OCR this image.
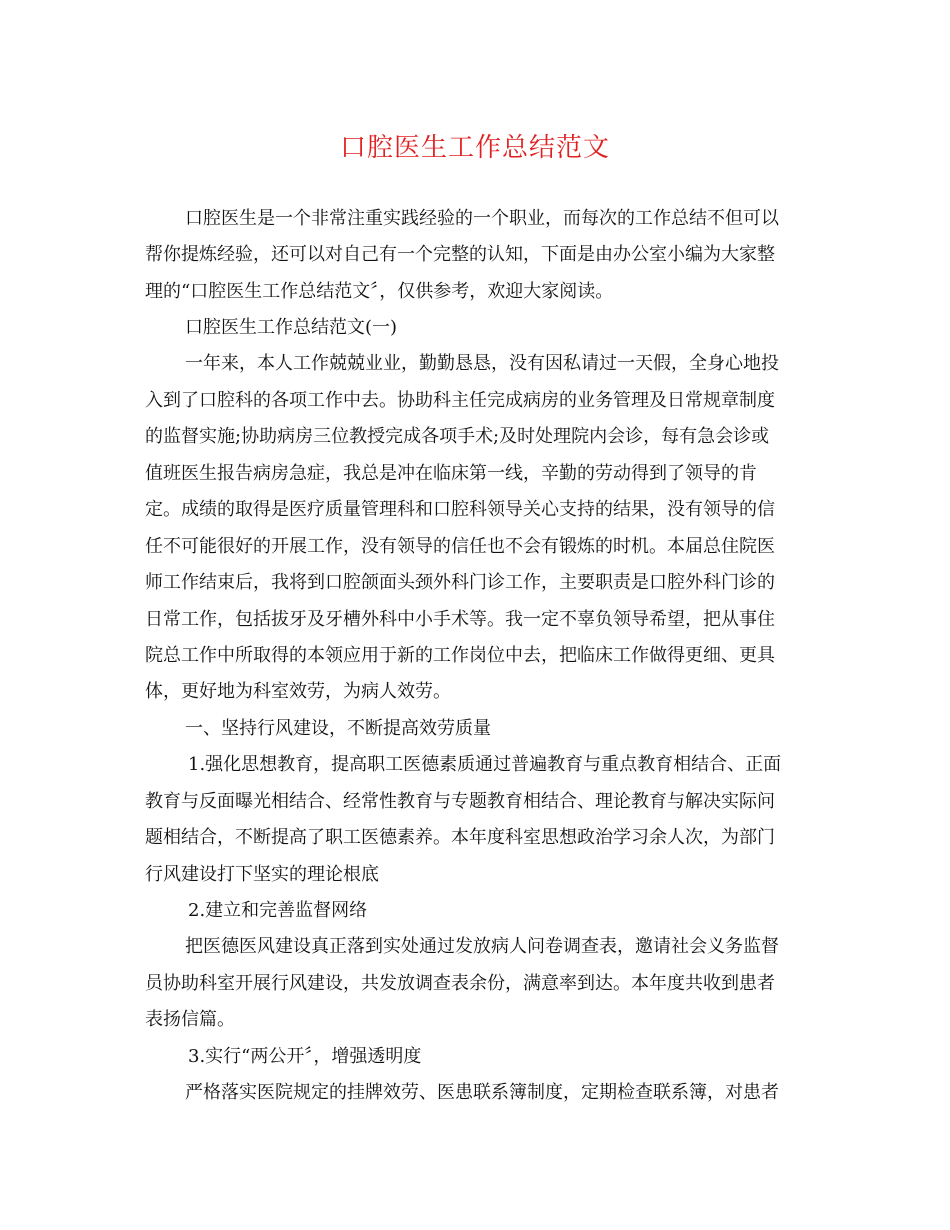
口腔医生工作总结范文
口腔医生是一个非常注重实践经验的一个职业，而每次的工作总结不但可以
帮你提炼经验，还可以对自己有一个完整的认知，下面是由办公室小编为大家整
理的“口腔医生工作总结范文〞，仅供参考，欢迎大家阅读。
口腔医生工作总结范文(一)
一年来，本人工作兢兢业业，勤勤恳恳，没有因私请过一天假，全身心地投
入到了口腔科的各项工作中去。协助科主任完成病房的业务管理及日常规章制度
的监督实施;协助病房三位教授完成各项手术;及时处理院内会诊，每有急会诊或
值班医生报告病房急症，我总是冲在临床第一线，辛勤的劳动得到了领导的肯
定。成绩的取得是医疗质量管理科和口腔科领导关心支持的结果，没有领导的信
任不可能很好的开展工作，没有领导的信任也不会有锻炼的时机。本届总住院医
师工作结束后，我将到口腔颌面头颈外科门诊工作，主要职责是口腔外科门诊的
日常工作，包括拔牙及牙槽外科中小手术等。我一定不辜负领导希望，把从事住
院总工作中所取得的本领应用于新的工作岗位中去，把临床工作做得更细、更具
体，更好地为科室效劳，为病人效劳。
一、坚持行风建设，不断提高效劳质量
1.强化思想教育，提高职工医德素质通过普遍教育与重点教育相结合、正面
教育与反面曝光相结合、经常性教育与专题教育相结合、理论教育与解决实际问
题相结合，不断提高了职工医德素养。本年度科室思想政治学习余人次，为部门
行风建设打下坚实的理论根底
2.建立和完善监督网络
把医德医风建设真正落到实处通过发放病人问卷调查表，邀请社会义务监督
员协助科室开展行风建设，共发放调查表余份，满意率到达。本年度共收到患者
表扬信篇。
3.实行“两公开〞，增强透明度
严格落实医院规定的挂牌效劳、医患联系簿制度，定期检查联系簿，对患者
